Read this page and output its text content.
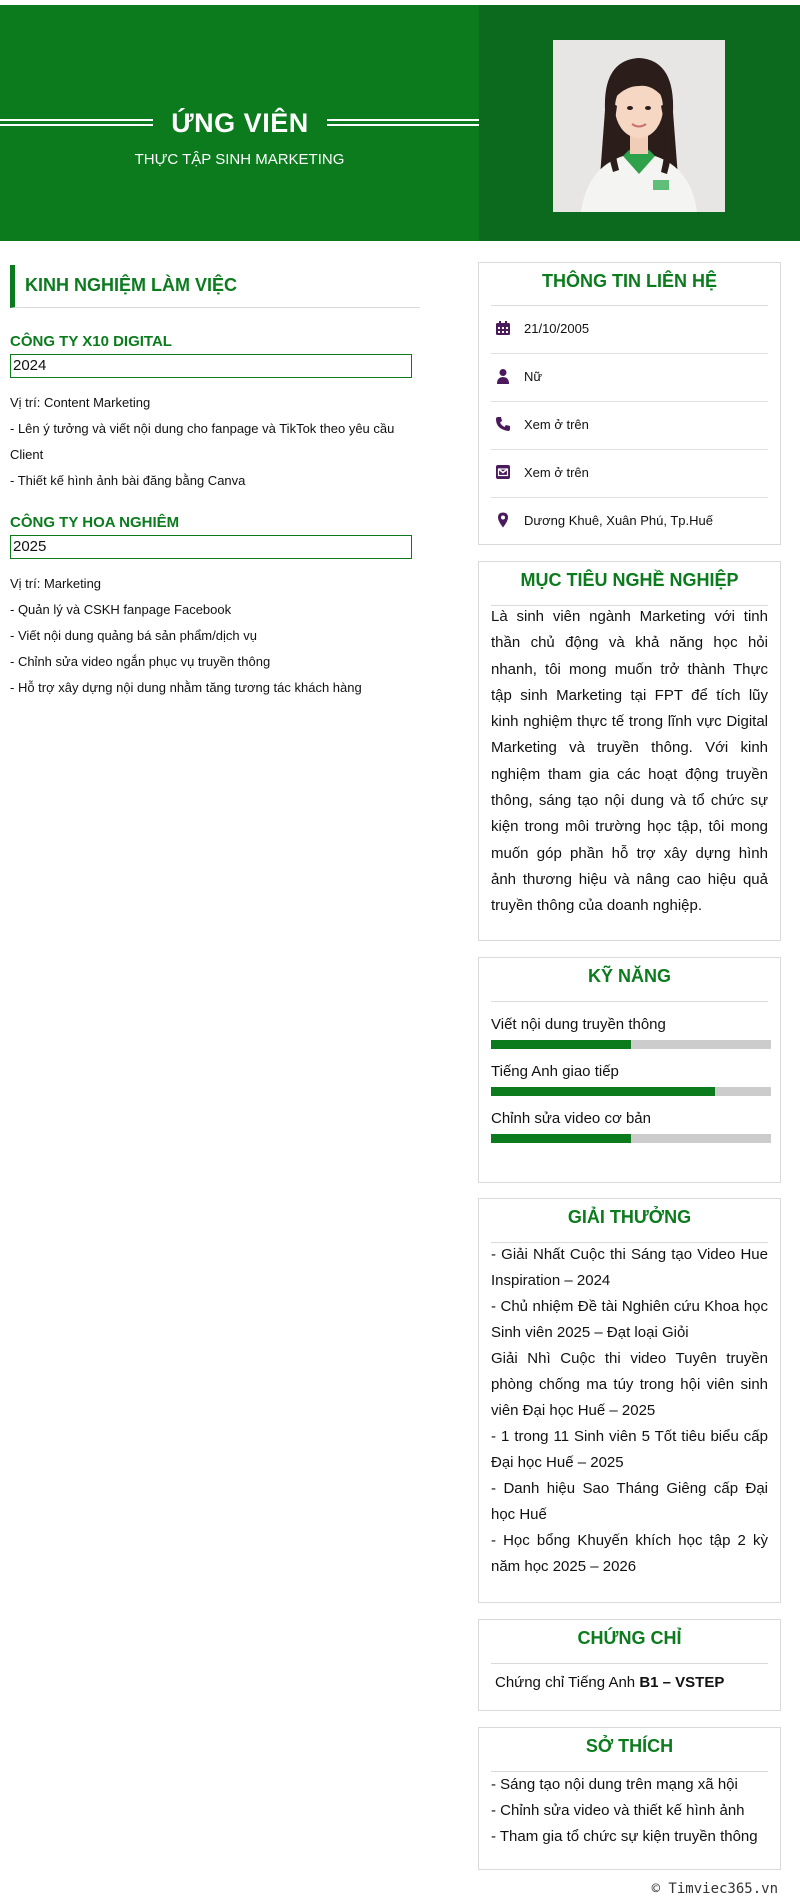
ỨNG VIÊN
THỰC TẬP SINH MARKETING
KINH NGHIỆM LÀM VIỆC
CÔNG TY X10 DIGITAL
2024
Vị trí: Content Marketing
- Lên ý tưởng và viết nội dung cho fanpage và TikTok theo yêu cầu Client
- Thiết kế hình ảnh bài đăng bằng Canva
CÔNG TY HOA NGHIÊM
2025
Vị trí: Marketing
- Quản lý và CSKH fanpage Facebook
- Viết nội dung quảng bá sản phẩm/dịch vụ
- Chỉnh sửa video ngắn phục vụ truyền thông
- Hỗ trợ xây dựng nội dung nhằm tăng tương tác khách hàng
THÔNG TIN LIÊN HỆ
21/10/2005
Nữ
Xem ở trên
Xem ở trên
Dương Khuê, Xuân Phú, Tp.Huế
MỤC TIÊU NGHỀ NGHIỆP
Là sinh viên ngành Marketing với tinh thần chủ động và khả năng học hỏi nhanh, tôi mong muốn trở thành Thực tập sinh Marketing tại FPT để tích lũy kinh nghiệm thực tế trong lĩnh vực Digital Marketing và truyền thông. Với kinh nghiệm tham gia các hoạt động truyền thông, sáng tạo nội dung và tổ chức sự kiện trong môi trường học tập, tôi mong muốn góp phần hỗ trợ xây dựng hình ảnh thương hiệu và nâng cao hiệu quả truyền thông của doanh nghiệp.
KỸ NĂNG
Viết nội dung truyền thông
Tiếng Anh giao tiếp
Chỉnh sửa video cơ bản
GIẢI THƯỞNG
- Giải Nhất Cuộc thi Sáng tạo Video Hue Inspiration – 2024
- Chủ nhiệm Đề tài Nghiên cứu Khoa học Sinh viên 2025 – Đạt loại Giỏi
Giải Nhì Cuộc thi video Tuyên truyền phòng chống ma túy trong hội viên sinh viên Đại học Huế – 2025
- 1 trong 11 Sinh viên 5 Tốt tiêu biểu cấp Đại học Huế – 2025
- Danh hiệu Sao Tháng Giêng cấp Đại học Huế
- Học bổng Khuyến khích học tập 2 kỳ năm học 2025 – 2026
CHỨNG CHỈ
Chứng chỉ Tiếng Anh B1 – VSTEP
SỞ THÍCH
- Sáng tạo nội dung trên mạng xã hội
- Chỉnh sửa video và thiết kế hình ảnh
- Tham gia tổ chức sự kiện truyền thông
© Timviec365.vn
